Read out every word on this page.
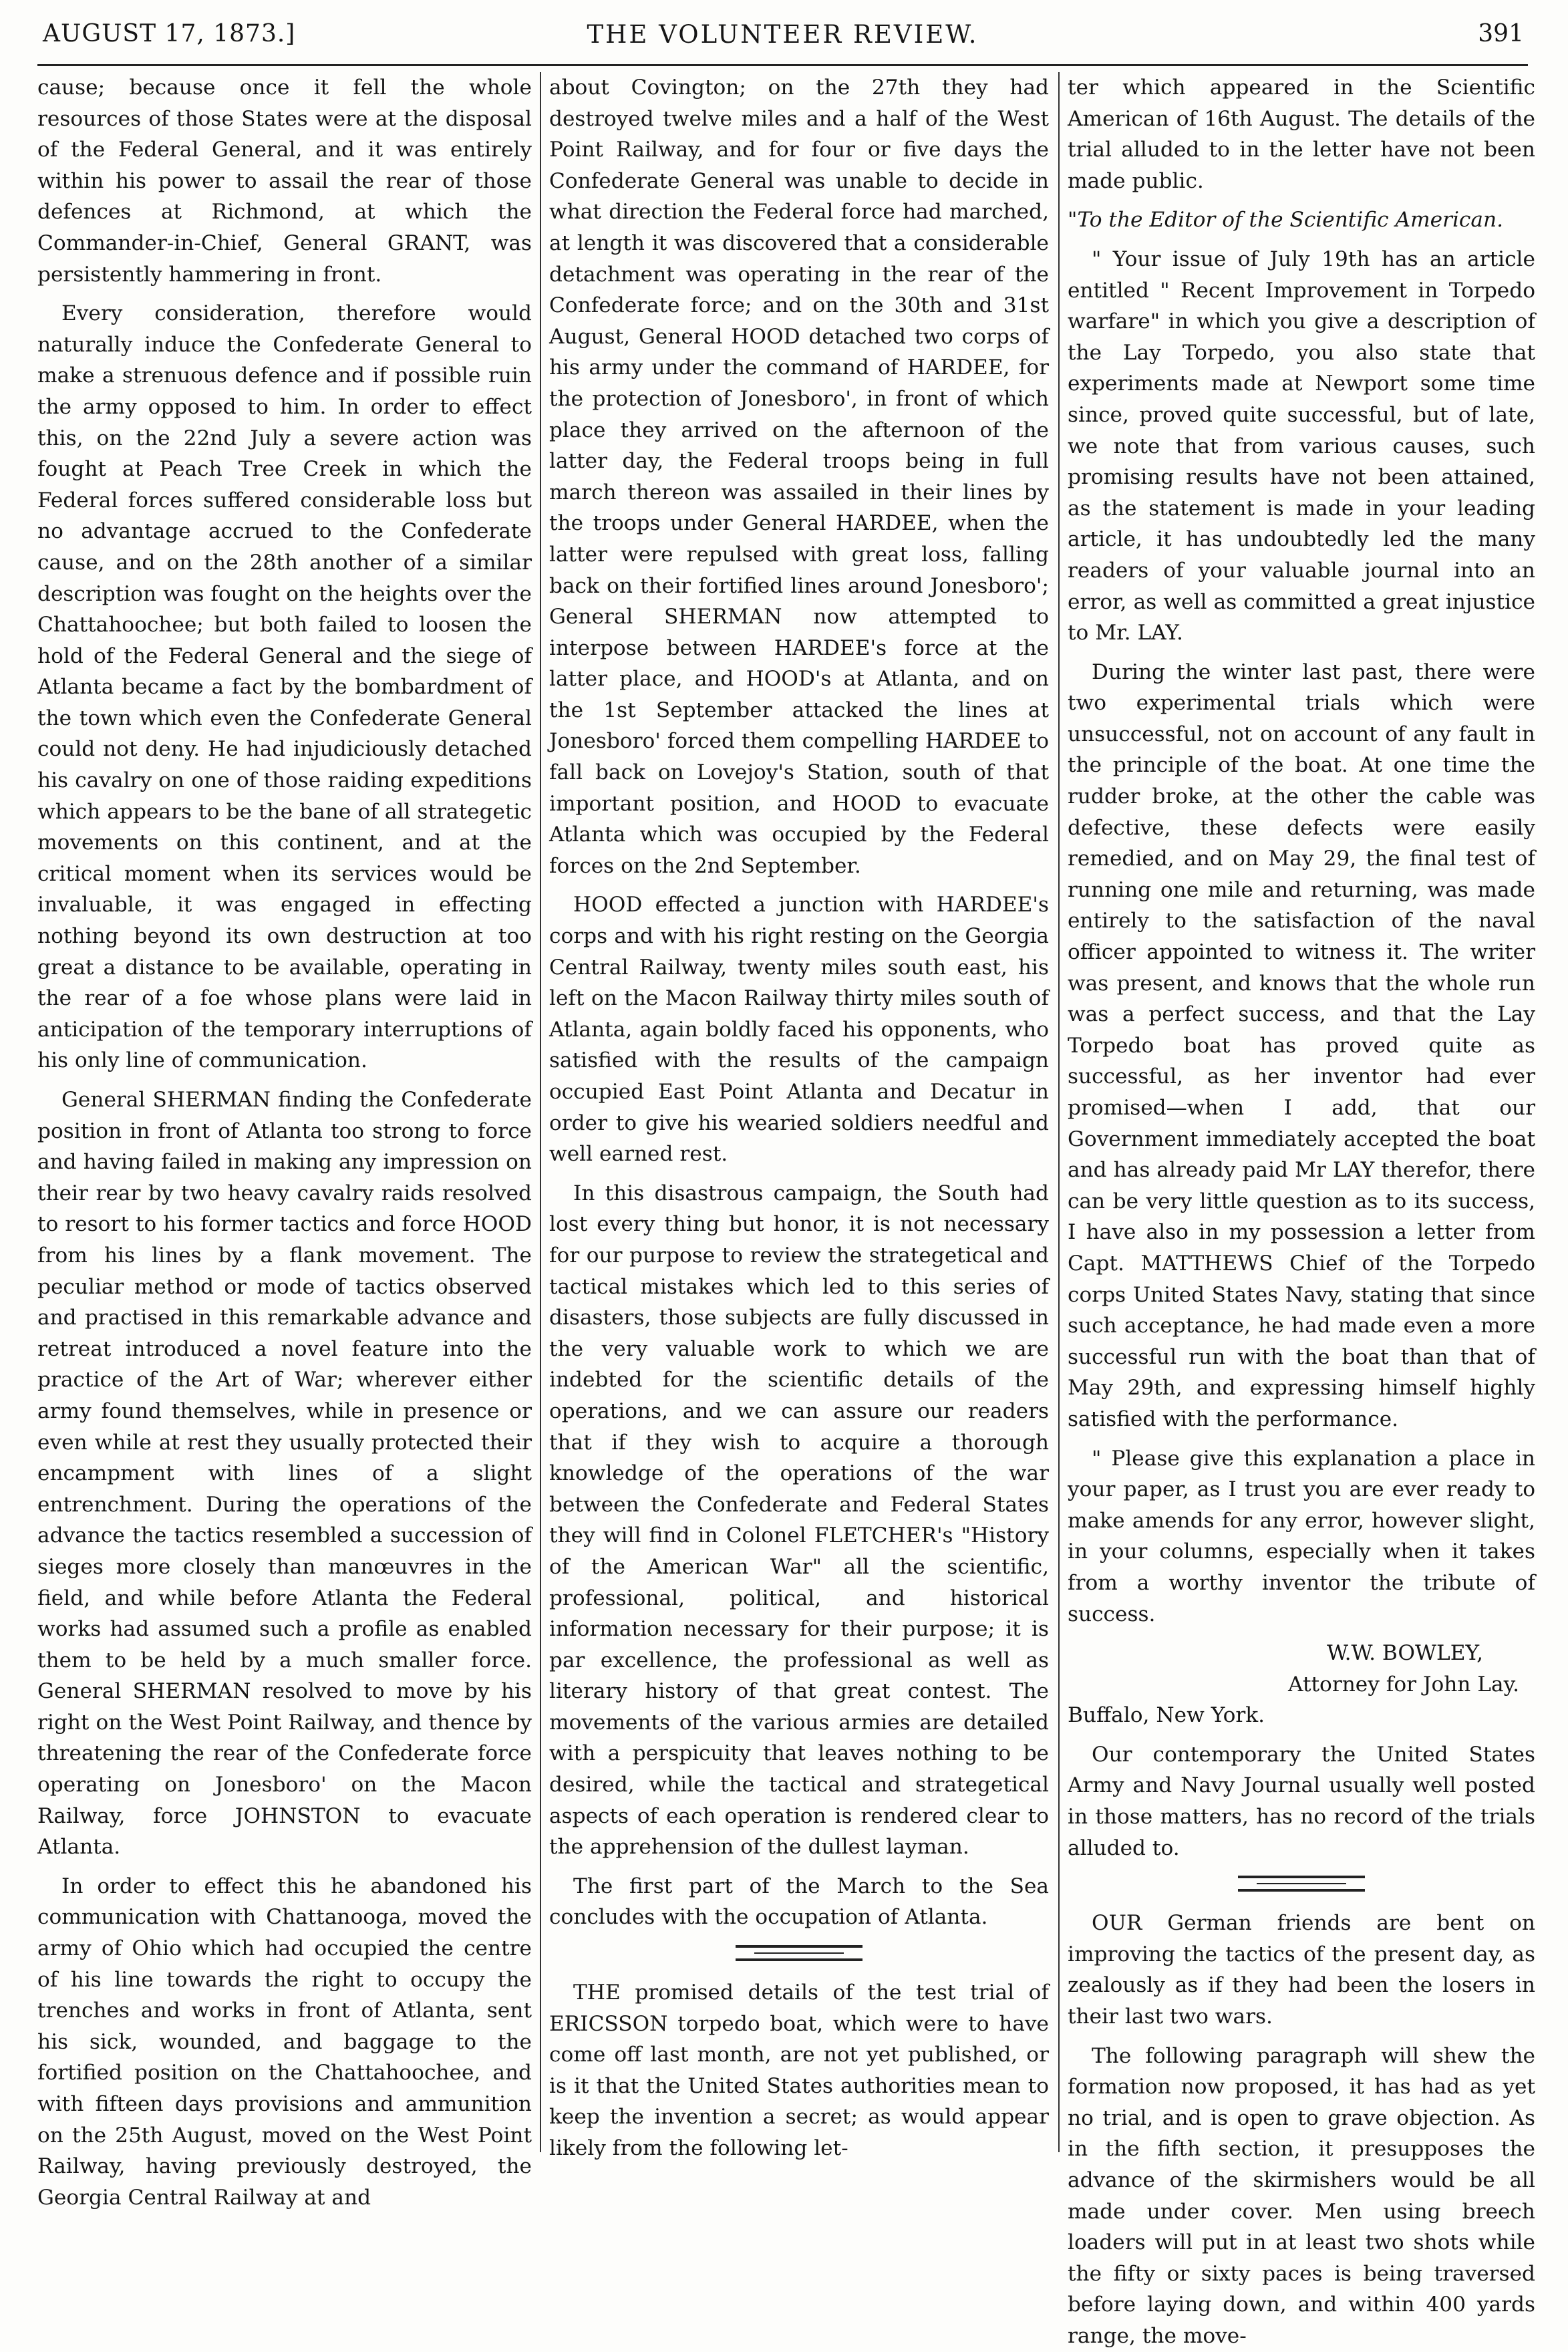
AUGUST 17, 1873.]	THE VOLUNTEER REVIEW.	391

cause; because once it fell the whole resources of those States were at the disposal of the Federal General, and it was entirely within his power to assail the rear of those defences at Richmond, at which the Commander-in-Chief, General GRANT, was persistently hammering in front.

Every consideration, therefore would naturally induce the Confederate General to make a strenuous defence and if possible ruin the army opposed to him. In order to effect this, on the 22nd July a severe action was fought at Peach Tree Creek in which the Federal forces suffered considerable loss but no advantage accrued to the Confederate cause, and on the 28th another of a similar description was fought on the heights over the Chattahoochee; but both failed to loosen the hold of the Federal General and the siege of Atlanta became a fact by the bombardment of the town which even the Confederate General could not deny. He had injudiciously detached his cavalry on one of those raiding expeditions which appears to be the bane of all strategetic movements on this continent, and at the critical moment when its services would be invaluable, it was engaged in effecting nothing beyond its own destruction at too great a distance to be available, operating in the rear of a foe whose plans were laid in anticipation of the temporary interruptions of his only line of communication.

General SHERMAN finding the Confederate position in front of Atlanta too strong to force and having failed in making any impression on their rear by two heavy cavalry raids resolved to resort to his former tactics and force HOOD from his lines by a flank movement. The peculiar method or mode of tactics observed and practised in this remarkable advance and retreat introduced a novel feature into the practice of the Art of War; wherever either army found themselves, while in presence or even while at rest they usually protected their encampment with lines of a slight entrenchment. During the operations of the advance the tactics resembled a succession of sieges more closely than manœuvres in the field, and while before Atlanta the Federal works had assumed such a profile as enabled them to be held by a much smaller force. General SHERMAN resolved to move by his right on the West Point Railway, and thence by threatening the rear of the Confederate force operating on Jonesboro' on the Macon Railway, force JOHNSTON to evacuate Atlanta.

In order to effect this he abandoned his communication with Chattanooga, moved the army of Ohio which had occupied the centre of his line towards the right to occupy the trenches and works in front of Atlanta, sent his sick, wounded, and baggage to the fortified position on the Chattahoochee, and with fifteen days provisions and ammunition on the 25th August, moved on the West Point Railway, having previously destroyed, the Georgia Central Railway at and

about Covington; on the 27th they had destroyed twelve miles and a half of the West Point Railway, and for four or five days the Confederate General was unable to decide in what direction the Federal force had marched, at length it was discovered that a considerable detachment was operating in the rear of the Confederate force; and on the 30th and 31st August, General HOOD detached two corps of his army under the command of HARDEE, for the protection of Jonesboro', in front of which place they arrived on the afternoon of the latter day, the Federal troops being in full march thereon was assailed in their lines by the troops under General HARDEE, when the latter were repulsed with great loss, falling back on their fortified lines around Jonesboro'; General SHERMAN now attempted to interpose between HARDEE's force at the latter place, and HOOD's at Atlanta, and on the 1st September attacked the lines at Jonesboro' forced them compelling HARDEE to fall back on Lovejoy's Station, south of that important position, and HOOD to evacuate Atlanta which was occupied by the Federal forces on the 2nd September.

HOOD effected a junction with HARDEE's corps and with his right resting on the Georgia Central Railway, twenty miles south east, his left on the Macon Railway thirty miles south of Atlanta, again boldly faced his opponents, who satisfied with the results of the campaign occupied East Point Atlanta and Decatur in order to give his wearied soldiers needful and well earned rest.

In this disastrous campaign, the South had lost every thing but honor, it is not necessary for our purpose to review the strategetical and tactical mistakes which led to this series of disasters, those subjects are fully discussed in the very valuable work to which we are indebted for the scientific details of the operations, and we can assure our readers that if they wish to acquire a thorough knowledge of the operations of the war between the Confederate and Federal States they will find in Colonel FLETCHER's "History of the American War" all the scientific, professional, political, and historical information necessary for their purpose; it is par excellence, the professional as well as literary history of that great contest. The movements of the various armies are detailed with a perspicuity that leaves nothing to be desired, while the tactical and strategetical aspects of each operation is rendered clear to the apprehension of the dullest layman.

The first part of the March to the Sea concludes with the occupation of Atlanta.

THE promised details of the test trial of ERICSSON torpedo boat, which were to have come off last month, are not yet published, or is it that the United States authorities mean to keep the invention a secret; as would appear likely from the following let-

ter which appeared in the Scientific American of 16th August. The details of the trial alluded to in the letter have not been made public.

"To the Editor of the Scientific American.

" Your issue of July 19th has an article entitled " Recent Improvement in Torpedo warfare" in which you give a description of the Lay Torpedo, you also state that experiments made at Newport some time since, proved quite successful, but of late, we note that from various causes, such promising results have not been attained, as the statement is made in your leading article, it has undoubtedly led the many readers of your valuable journal into an error, as well as committed a great injustice to Mr. LAY.

During the winter last past, there were two experimental trials which were unsuccessful, not on account of any fault in the principle of the boat. At one time the rudder broke, at the other the cable was defective, these defects were easily remedied, and on May 29, the final test of running one mile and returning, was made entirely to the satisfaction of the naval officer appointed to witness it. The writer was present, and knows that the whole run was a perfect success, and that the Lay Torpedo boat has proved quite as successful, as her inventor had ever promised—when I add, that our Government immediately accepted the boat and has already paid Mr LAY therefor, there can be very little question as to its success, I have also in my possession a letter from Capt. MATTHEWS Chief of the Torpedo corps United States Navy, stating that since such acceptance, he had made even a more successful run with the boat than that of May 29th, and expressing himself highly satisfied with the performance.

" Please give this explanation a place in your paper, as I trust you are ever ready to make amends for any error, however slight, in your columns, especially when it takes from a worthy inventor the tribute of success.

W.W. BOWLEY,

Attorney for John Lay.

Buffalo, New York.

Our contemporary the United States Army and Navy Journal usually well posted in those matters, has no record of the trials alluded to.

OUR German friends are bent on improving the tactics of the present day, as zealously as if they had been the losers in their last two wars.

The following paragraph will shew the formation now proposed, it has had as yet no trial, and is open to grave objection. As in the fifth section, it presupposes the advance of the skirmishers would be all made under cover. Men using breech loaders will put in at least two shots while the fifty or sixty paces is being traversed before laying down, and within 400 yards range, the move-
